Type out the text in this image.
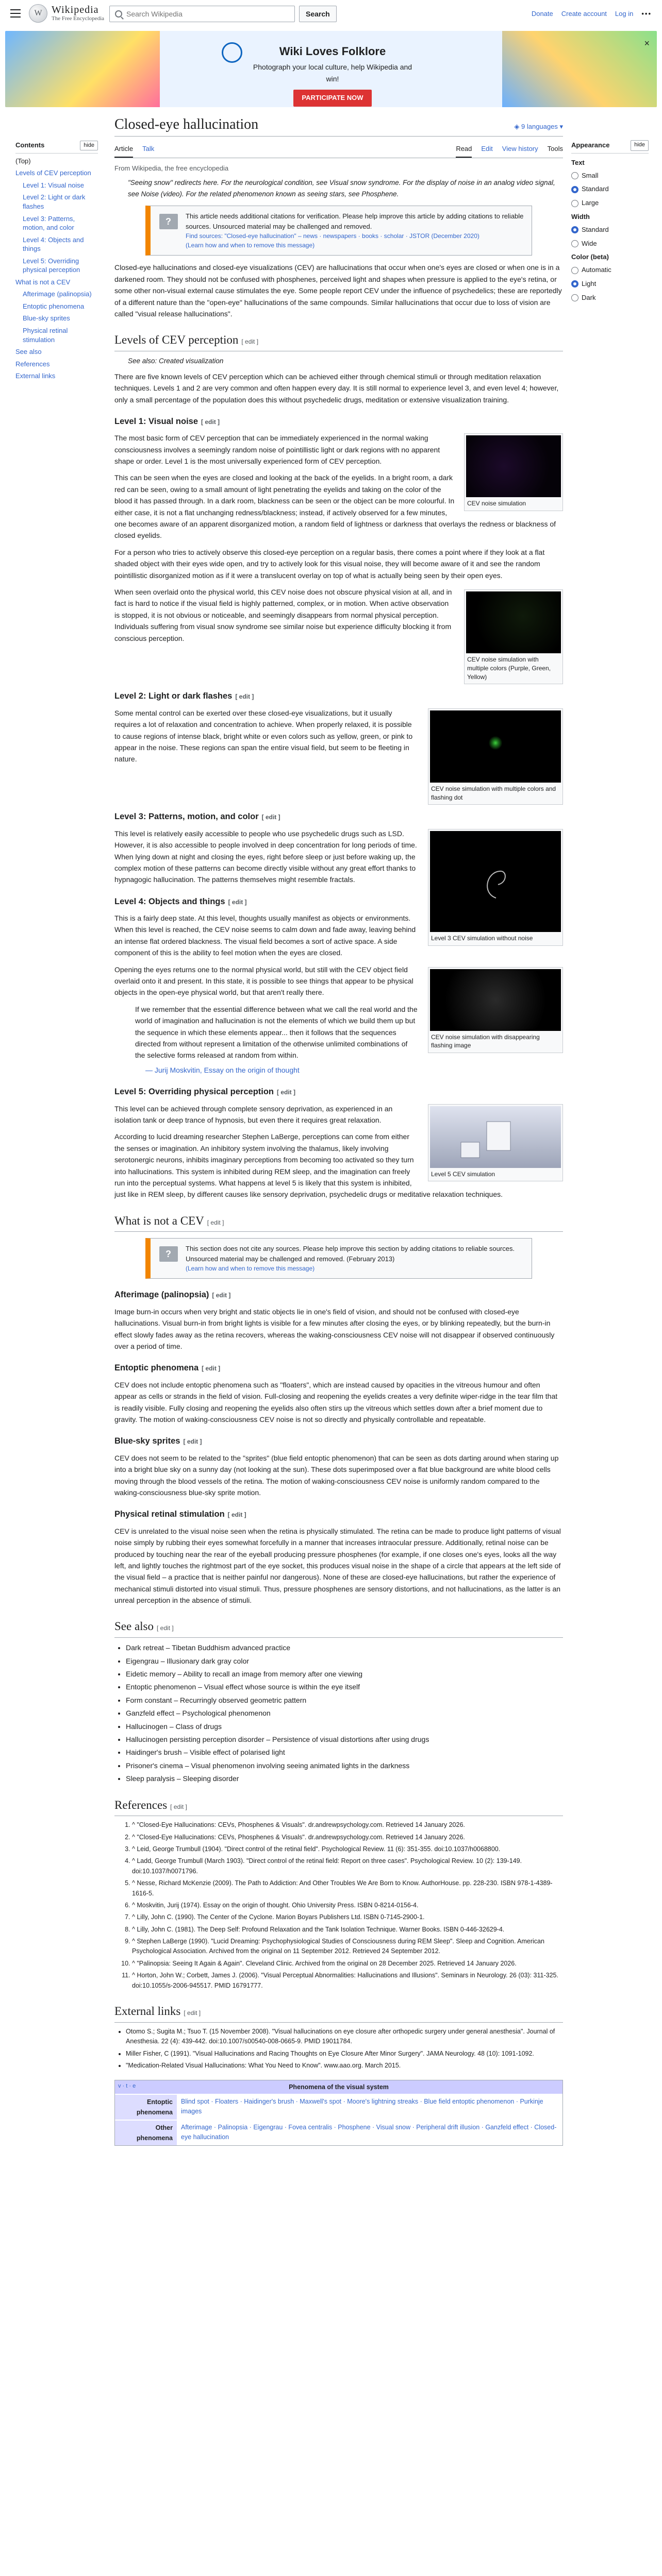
W Wikipedia
The Free Encyclopedia
Search Wikipedia
Search	Donate Create account Log in •••
Wiki Loves Folklore
Photograph your local culture, help Wikipedia and win!
PARTICIPATE NOW
×
Contents	hide
(Top)
Levels of CEV perception
Level 1: Visual noise
Level 2: Light or dark flashes
Level 3: Patterns, motion, and color
Level 4: Objects and things
Level 5: Overriding physical perception
What is not a CEV
Afterimage (palinopsia)
Entoptic phenomena
Blue-sky sprites
Physical retinal stimulation
See also
References
External links
Appearance	hide
Text
Small
Standard
Large
Width
Standard
Wide
Color (beta)
Automatic
Light
Dark
Closed-eye hallucination	◈ 9 languages ▾
Article Talk	Read Edit View history Tools
From Wikipedia, the free encyclopedia
"Seeing snow" redirects here. For the neurological condition, see Visual snow syndrome. For the display of noise in an analog video signal, see Noise (video). For the related phenomenon known as seeing stars, see Phosphene.
?
This article needs additional citations for verification. Please help improve this article by adding citations to reliable sources. Unsourced material may be challenged and removed.
Find sources: "Closed-eye hallucination" – news · newspapers · books · scholar · JSTOR (December 2020)
(Learn how and when to remove this message)

Closed-eye hallucinations and closed-eye visualizations (CEV) are hallucinations that occur when one's eyes are closed or when one is in a darkened room. They should not be confused with phosphenes, perceived light and shapes when pressure is applied to the eye's retina, or some other non-visual external cause stimulates the eye. Some people report CEV under the influence of psychedelics; these are reportedly of a different nature than the "open-eye" hallucinations of the same compounds. Similar hallucinations that occur due to loss of vision are called "visual release hallucinations".

Levels of CEV perception [ edit ]
See also: Created visualization

There are five known levels of CEV perception which can be achieved either through chemical stimuli or through meditation relaxation techniques. Levels 1 and 2 are very common and often happen every day. It is still normal to experience level 3, and even level 4; however, only a small percentage of the population does this without psychedelic drugs, meditation or extensive visualization training.

Level 1: Visual noise [ edit ]
CEV noise simulation

The most basic form of CEV perception that can be immediately experienced in the normal waking consciousness involves a seemingly random noise of pointillistic light or dark regions with no apparent shape or order. Level 1 is the most universally experienced form of CEV perception.

This can be seen when the eyes are closed and looking at the back of the eyelids. In a bright room, a dark red can be seen, owing to a small amount of light penetrating the eyelids and taking on the color of the blood it has passed through. In a dark room, blackness can be seen or the object can be more colourful. In either case, it is not a flat unchanging redness/blackness; instead, if actively observed for a few minutes, one becomes aware of an apparent disorganized motion, a random field of lightness or darkness that overlays the redness or blackness of closed eyelids.

For a person who tries to actively observe this closed-eye perception on a regular basis, there comes a point where if they look at a flat shaded object with their eyes wide open, and try to actively look for this visual noise, they will become aware of it and see the random pointillistic disorganized motion as if it were a translucent overlay on top of what is actually being seen by their open eyes.

CEV noise simulation with multiple colors (Purple, Green, Yellow)

When seen overlaid onto the physical world, this CEV noise does not obscure physical vision at all, and in fact is hard to notice if the visual field is highly patterned, complex, or in motion. When active observation is stopped, it is not obvious or noticeable, and seemingly disappears from normal physical perception. Individuals suffering from visual snow syndrome see similar noise but experience difficulty blocking it from conscious perception.

Level 2: Light or dark flashes [ edit ]
CEV noise simulation with multiple colors and flashing dot

Some mental control can be exerted over these closed-eye visualizations, but it usually requires a lot of relaxation and concentration to achieve. When properly relaxed, it is possible to cause regions of intense black, bright white or even colors such as yellow, green, or pink to appear in the noise. These regions can span the entire visual field, but seem to be fleeting in nature.

Level 3: Patterns, motion, and color [ edit ]
Level 3 CEV simulation without noise

This level is relatively easily accessible to people who use psychedelic drugs such as LSD. However, it is also accessible to people involved in deep concentration for long periods of time. When lying down at night and closing the eyes, right before sleep or just before waking up, the complex motion of these patterns can become directly visible without any great effort thanks to hypnagogic hallucination. The patterns themselves might resemble fractals.

Level 4: Objects and things [ edit ]

This is a fairly deep state. At this level, thoughts usually manifest as objects or environments. When this level is reached, the CEV noise seems to calm down and fade away, leaving behind an intense flat ordered blackness. The visual field becomes a sort of active space. A side component of this is the ability to feel motion when the eyes are closed.

CEV noise simulation with disappearing flashing image

Opening the eyes returns one to the normal physical world, but still with the CEV object field overlaid onto it and present. In this state, it is possible to see things that appear to be physical objects in the open-eye physical world, but that aren't really there.

If we remember that the essential difference between what we call the real world and the world of imagination and hallucination is not the elements of which we build them up but the sequence in which these elements appear... then it follows that the sequences directed from without represent a limitation of the otherwise unlimited combinations of the selective forms released at random from within.
— Jurij Moskvitin, Essay on the origin of thought
Level 5: Overriding physical perception [ edit ]
Level 5 CEV simulation

This level can be achieved through complete sensory deprivation, as experienced in an isolation tank or deep trance of hypnosis, but even there it requires great relaxation.

According to lucid dreaming researcher Stephen LaBerge, perceptions can come from either the senses or imagination. An inhibitory system involving the thalamus, likely involving serotonergic neurons, inhibits imaginary perceptions from becoming too activated so they turn into hallucinations. This system is inhibited during REM sleep, and the imagination can freely run into the perceptual systems. What happens at level 5 is likely that this system is inhibited, just like in REM sleep, by different causes like sensory deprivation, psychedelic drugs or meditative relaxation techniques.

What is not a CEV [ edit ]
?
This section does not cite any sources. Please help improve this section by adding citations to reliable sources. Unsourced material may be challenged and removed. (February 2013)
(Learn how and when to remove this message)
Afterimage (palinopsia) [ edit ]

Image burn-in occurs when very bright and static objects lie in one's field of vision, and should not be confused with closed-eye hallucinations. Visual burn-in from bright lights is visible for a few minutes after closing the eyes, or by blinking repeatedly, but the burn-in effect slowly fades away as the retina recovers, whereas the waking-consciousness CEV noise will not disappear if observed continuously over a period of time.

Entoptic phenomena [ edit ]

CEV does not include entoptic phenomena such as "floaters", which are instead caused by opacities in the vitreous humour and often appear as cells or strands in the field of vision. Full-closing and reopening the eyelids creates a very definite wiper-ridge in the tear film that is readily visible. Fully closing and reopening the eyelids also often stirs up the vitreous which settles down after a brief moment due to gravity. The motion of waking-consciousness CEV noise is not so directly and physically controllable and repeatable.

Blue-sky sprites [ edit ]

CEV does not seem to be related to the "sprites" (blue field entoptic phenomenon) that can be seen as dots darting around when staring up into a bright blue sky on a sunny day (not looking at the sun). These dots superimposed over a flat blue background are white blood cells moving through the blood vessels of the retina. The motion of waking-consciousness CEV noise is uniformly random compared to the waking-consciousness blue-sky sprite motion.

Physical retinal stimulation [ edit ]

CEV is unrelated to the visual noise seen when the retina is physically stimulated. The retina can be made to produce light patterns of visual noise simply by rubbing their eyes somewhat forcefully in a manner that increases intraocular pressure. Additionally, retinal noise can be produced by touching near the rear of the eyeball producing pressure phosphenes (for example, if one closes one's eyes, looks all the way left, and lightly touches the rightmost part of the eye socket, this produces visual noise in the shape of a circle that appears at the left side of the visual field – a practice that is neither painful nor dangerous). None of these are closed-eye hallucinations, but rather the experience of mechanical stimuli distorted into visual stimuli. Thus, pressure phosphenes are sensory distortions, and not hallucinations, as the latter is an unreal perception in the absence of stimuli.

See also [ edit ]
• Dark retreat – Tibetan Buddhism advanced practice
• Eigengrau – Illusionary dark gray color
• Eidetic memory – Ability to recall an image from memory after one viewing
• Entoptic phenomenon – Visual effect whose source is within the eye itself
• Form constant – Recurringly observed geometric pattern
• Ganzfeld effect – Psychological phenomenon
• Hallucinogen – Class of drugs
• Hallucinogen persisting perception disorder – Persistence of visual distortions after using drugs
• Haidinger's brush – Visible effect of polarised light
• Prisoner's cinema – Visual phenomenon involving seeing animated lights in the darkness
• Sleep paralysis – Sleeping disorder
References [ edit ]
1. ^ "Closed-Eye Hallucinations: CEVs, Phosphenes & Visuals". dr.andrewpsychology.com. Retrieved 14 January 2026.
2. ^ "Closed-Eye Hallucinations: CEVs, Phosphenes & Visuals". dr.andrewpsychology.com. Retrieved 14 January 2026.
3. ^ Leid, George Trumbull (1904). "Direct control of the retinal field". Psychological Review. 11 (6): 351-355. doi:10.1037/h0068800.
4. ^ Ladd, George Trumbull (March 1903). "Direct control of the retinal field: Report on three cases". Psychological Review. 10 (2): 139-149. doi:10.1037/h0071796.
5. ^ Nesse, Richard McKenzie (2009). The Path to Addiction: And Other Troubles We Are Born to Know. AuthorHouse. pp. 228-230. ISBN 978-1-4389-1616-5.
6. ^ Moskvitin, Jurij (1974). Essay on the origin of thought. Ohio University Press. ISBN 0-8214-0156-4.
7. ^ Lilly, John C. (1990). The Center of the Cyclone. Marion Boyars Publishers Ltd. ISBN 0-7145-2900-1.
8. ^ Lilly, John C. (1981). The Deep Self: Profound Relaxation and the Tank Isolation Technique. Warner Books. ISBN 0-446-32629-4.
9. ^ Stephen LaBerge (1990). "Lucid Dreaming: Psychophysiological Studies of Consciousness during REM Sleep". Sleep and Cognition. American Psychological Association. Archived from the original on 11 September 2012. Retrieved 24 September 2012.
10. ^ "Palinopsia: Seeing It Again & Again". Cleveland Clinic. Archived from the original on 28 December 2025. Retrieved 14 January 2026.
11. ^ Horton, John W.; Corbett, James J. (2006). "Visual Perceptual Abnormalities: Hallucinations and Illusions". Seminars in Neurology. 26 (03): 311-325. doi:10.1055/s-2006-945517. PMID 16791777.
External links [ edit ]
• Otomo S.; Sugita M.; Tsuo T. (15 November 2008). "Visual hallucinations on eye closure after orthopedic surgery under general anesthesia". Journal of Anesthesia. 22 (4): 439-442. doi:10.1007/s00540-008-0665-9. PMID 19011784.
• Miller Fisher, C (1991). "Visual Hallucinations and Racing Thoughts on Eye Closure After Minor Surgery". JAMA Neurology. 48 (10): 1091-1092.
• "Medication-Related Visual Hallucinations: What You Need to Know". www.aao.org. March 2015.
v · t · e	Phenomena of the visual system
Entoptic phenomena
Blind spot · Floaters · Haidinger's brush · Maxwell's spot · Moore's lightning streaks · Blue field entoptic phenomenon · Purkinje images
Other phenomena
Afterimage · Palinopsia · Eigengrau · Fovea centralis · Phosphene · Visual snow · Peripheral drift illusion · Ganzfeld effect · Closed-eye hallucination
